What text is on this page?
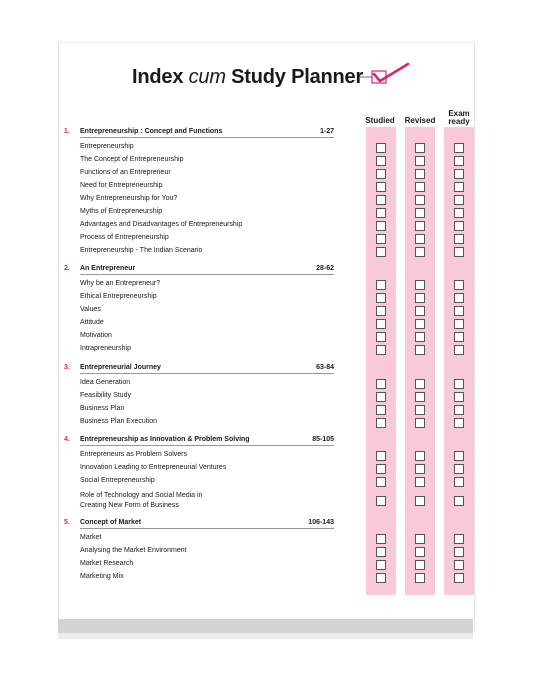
Index cum Study Planner
Studied Revised
Exam
ready
1. Entrepreneurship : Concept and Functions	1-27
Entrepreneurship
The Concept of Entrepreneurship
Functions of an Entrepreneur
Need for Entrepreneurship
Why Entrepreneurship for You?
Myths of Entrepreneurship
Advantages and Disadvantages of Entrepreneurship
Process of Entrepreneurship
Entrepreneurship - The Indian Scenario
2. An Entrepreneur	28-62
Why be an Entrepreneur?
Ethical Entrepreneurship
Values
Attitude
Motivation
Intrapreneurship
3. Entrepreneurial Journey	63-84
Idea Generation
Feasibility Study
Business Plan
Business Plan Execution
4. Entrepreneurship as Innovation & Problem Solving	85-105
Entrepreneurs as Problem Solvers
Innovation Leading to Entrepreneurial Ventures
Social Entrepreneurship
Role of Technology and Social Media in
Creating New Form of Business
5. Concept of Market	106-143
Market
Analysing the Market Environment
Market Research
Marketing Mix
